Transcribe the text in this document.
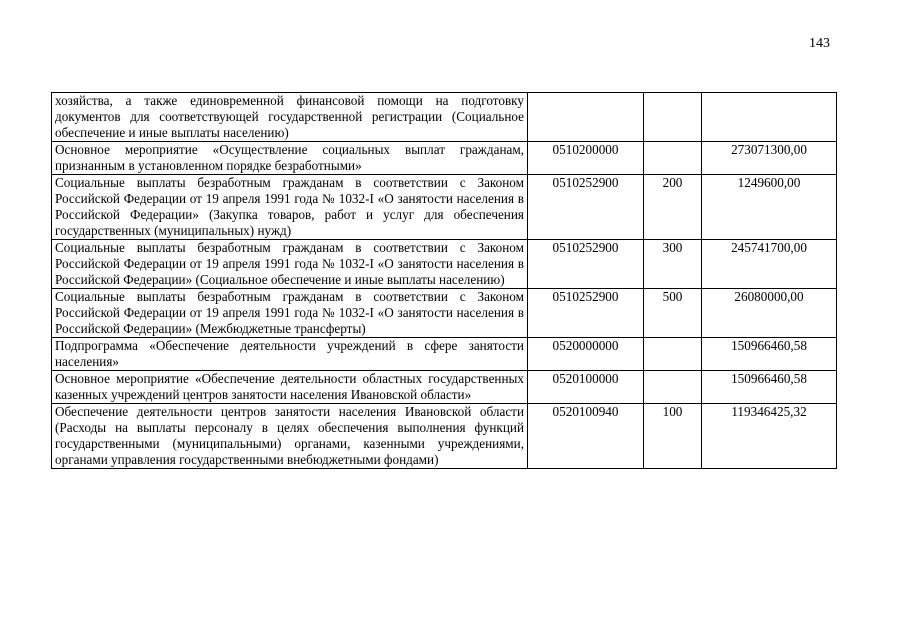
143
хозяйства, а также единовременной финансовой помощи на подготовку документов для соответствующей государственной регистрации (Социальное обеспечение и иные выплаты населению)			
Основное мероприятие «Осуществление социальных выплат гражданам, признанным в установленном порядке безработными»	0510200000		273071300,00
Социальные выплаты безработным гражданам в соответствии с Законом Российской Федерации от 19 апреля 1991 года № 1032-I «О занятости населения в Российской Федерации» (Закупка товаров, работ и услуг для обеспечения государственных (муниципальных) нужд)	0510252900	200	1249600,00
Социальные выплаты безработным гражданам в соответствии с Законом Российской Федерации от 19 апреля 1991 года № 1032-I «О занятости населения в Российской Федерации» (Социальное обеспечение и иные выплаты населению)	0510252900	300	245741700,00
Социальные выплаты безработным гражданам в соответствии с Законом Российской Федерации от 19 апреля 1991 года № 1032-I «О занятости населения в Российской Федерации» (Межбюджетные трансферты)	0510252900	500	26080000,00
Подпрограмма «Обеспечение деятельности учреждений в сфере занятости населения»	0520000000		150966460,58
Основное мероприятие «Обеспечение деятельности областных государственных казенных учреждений центров занятости населения Ивановской области»	0520100000		150966460,58
Обеспечение деятельности центров занятости населения Ивановской области (Расходы на выплаты персоналу в целях обеспечения выполнения функций государственными (муниципальными) органами, казенными учреждениями, органами управления государственными внебюджетными фондами)	0520100940	100	119346425,32
